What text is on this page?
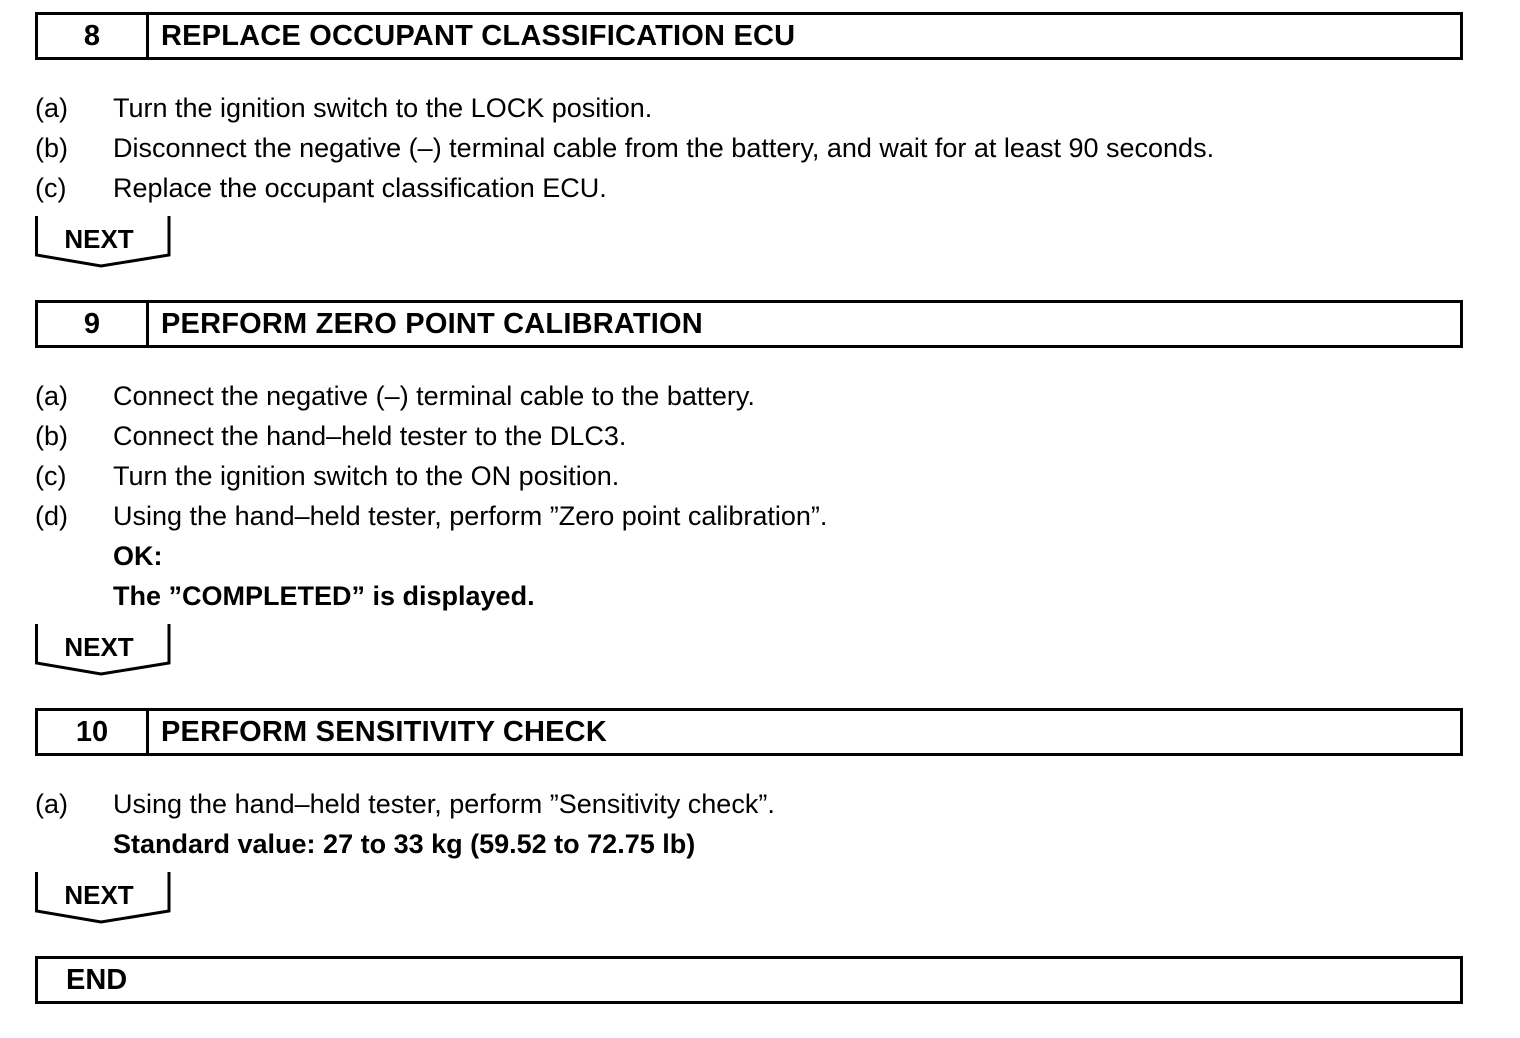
8	REPLACE OCCUPANT CLASSIFICATION ECU
(a)	Turn the ignition switch to the LOCK position.
(b)	Disconnect the negative (–) terminal cable from the battery, and wait for at least 90 seconds.
(c)	Replace the occupant classification ECU.
NEXT
9	PERFORM ZERO POINT CALIBRATION
(a)	Connect the negative (–) terminal cable to the battery.
(b)	Connect the hand–held tester to the DLC3.
(c)	Turn the ignition switch to the ON position.
(d)	Using the hand–held tester, perform ”Zero point calibration”.
OK:
The ”COMPLETED” is displayed.
NEXT
10	PERFORM SENSITIVITY CHECK
(a)	Using the hand–held tester, perform ”Sensitivity check”.
Standard value: 27 to 33 kg (59.52 to 72.75 lb)
NEXT
END
